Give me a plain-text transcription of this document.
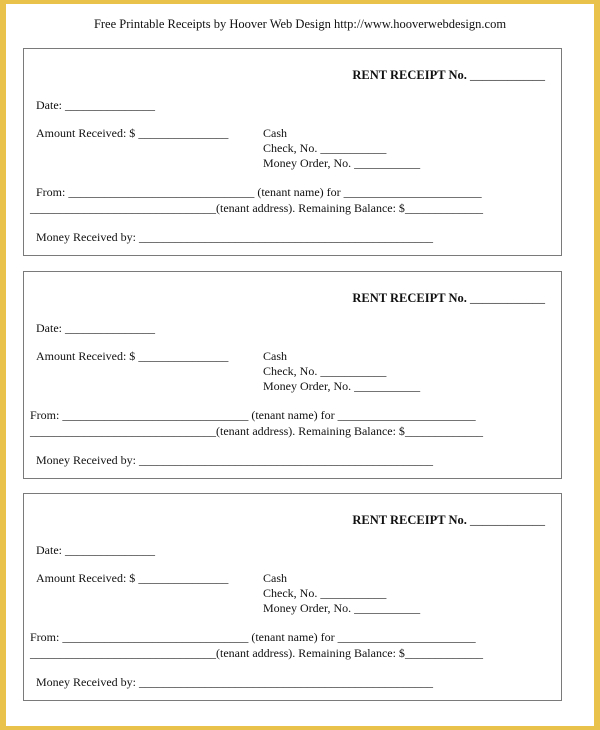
Free Printable Receipts by Hoover Web Design http://www.hooverwebdesign.com
RENT RECEIPT No. ____________
Date: _______________
Amount Received: $ _______________	Cash
Check, No. ___________
Money Order, No. ___________
From: _______________________________ (tenant name) for _______________________
_______________________________(tenant address). Remaining Balance: $_____________
Money Received by: _________________________________________________
RENT RECEIPT No. ____________
Date: _______________
Amount Received: $ _______________	Cash
Check, No. ___________
Money Order, No. ___________
From: _______________________________ (tenant name) for _______________________
_______________________________(tenant address). Remaining Balance: $_____________
Money Received by: _________________________________________________
RENT RECEIPT No. ____________
Date: _______________
Amount Received: $ _______________	Cash
Check, No. ___________
Money Order, No. ___________
From: _______________________________ (tenant name) for _______________________
_______________________________(tenant address). Remaining Balance: $_____________
Money Received by: _________________________________________________
